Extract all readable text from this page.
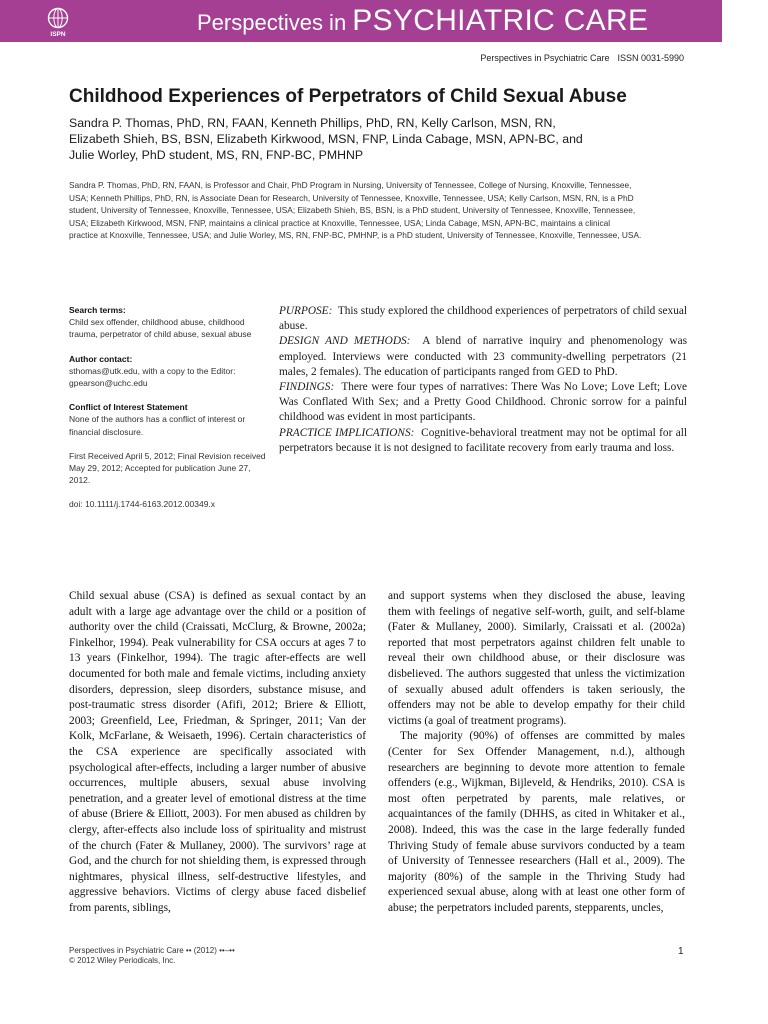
ISPN	Perspectives in PSYCHIATRIC CARE
Perspectives in Psychiatric Care ISSN 0031-5990
Childhood Experiences of Perpetrators of Child Sexual Abuse
Sandra P. Thomas, PhD, RN, FAAN, Kenneth Phillips, PhD, RN, Kelly Carlson, MSN, RN,
Elizabeth Shieh, BS, BSN, Elizabeth Kirkwood, MSN, FNP, Linda Cabage, MSN, APN-BC, and
Julie Worley, PhD student, MS, RN, FNP-BC, PMHNP
Sandra P. Thomas, PhD, RN, FAAN, is Professor and Chair, PhD Program in Nursing, University of Tennessee, College of Nursing, Knoxville, Tennessee,
USA; Kenneth Phillips, PhD, RN, is Associate Dean for Research, University of Tennessee, Knoxville, Tennessee, USA; Kelly Carlson, MSN, RN, is a PhD
student, University of Tennessee, Knoxville, Tennessee, USA; Elizabeth Shieh, BS, BSN, is a PhD student, University of Tennessee, Knoxville, Tennessee,
USA; Elizabeth Kirkwood, MSN, FNP, maintains a clinical practice at Knoxville, Tennessee, USA; Linda Cabage, MSN, APN-BC, maintains a clinical
practice at Knoxville, Tennessee, USA; and Julie Worley, MS, RN, FNP-BC, PMHNP, is a PhD student, University of Tennessee, Knoxville, Tennessee, USA.
Search terms:
Child sex offender, childhood abuse, childhood trauma, perpetrator of child abuse, sexual abuse
Author contact:
sthomas@utk.edu, with a copy to the Editor: gpearson@uchc.edu
Conflict of Interest Statement
None of the authors has a conflict of interest or financial disclosure.
First Received April 5, 2012; Final Revision received May 29, 2012; Accepted for publication June 27, 2012.
doi: 10.1111/j.1744-6163.2012.00349.x

PURPOSE: This study explored the childhood experiences of perpetrators of child sexual abuse.

DESIGN AND METHODS: A blend of narrative inquiry and phenomenology was employed. Interviews were conducted with 23 community-dwelling perpetrators (21 males, 2 females). The education of participants ranged from GED to PhD.

FINDINGS: There were four types of narratives: There Was No Love; Love Left; Love Was Conflated With Sex; and a Pretty Good Childhood. Chronic sorrow for a painful childhood was evident in most participants.

PRACTICE IMPLICATIONS: Cognitive-behavioral treatment may not be optimal for all perpetrators because it is not designed to facilitate recovery from early trauma and loss.

Child sexual abuse (CSA) is defined as sexual contact by an adult with a large age advantage over the child or a position of authority over the child (Craissati, McClurg, & Browne, 2002a; Finkelhor, 1994). Peak vulnerability for CSA occurs at ages 7 to 13 years (Finkelhor, 1994). The tragic after-effects are well documented for both male and female victims, including anxiety disorders, depression, sleep disorders, substance misuse, and post-traumatic stress disorder (Afifi, 2012; Briere & Elliott, 2003; Greenfield, Lee, Friedman, & Springer, 2011; Van der Kolk, McFarlane, & Weisaeth, 1996). Certain characteristics of the CSA experience are specifically associated with psychological after-effects, including a larger number of abusive occurrences, multiple abusers, sexual abuse involving penetration, and a greater level of emotional distress at the time of abuse (Briere & Elliott, 2003). For men abused as children by clergy, after-effects also include loss of spirituality and mistrust of the church (Fater & Mullaney, 2000). The survivors’ rage at God, and the church for not shielding them, is expressed through nightmares, physical illness, self-destructive lifestyles, and aggressive behaviors. Victims of clergy abuse faced disbelief from parents, siblings,

and support systems when they disclosed the abuse, leaving them with feelings of negative self-worth, guilt, and self-blame (Fater & Mullaney, 2000). Similarly, Craissati et al. (2002a) reported that most perpetrators against children felt unable to reveal their own childhood abuse, or their disclosure was disbelieved. The authors suggested that unless the victimization of sexually abused adult offenders is taken seriously, the offenders may not be able to develop empathy for their child victims (a goal of treatment programs).

The majority (90%) of offenses are committed by males (Center for Sex Offender Management, n.d.), although researchers are beginning to devote more attention to female offenders (e.g., Wijkman, Bijleveld, & Hendriks, 2010). CSA is most often perpetrated by parents, male relatives, or acquaintances of the family (DHHS, as cited in Whitaker et al., 2008). Indeed, this was the case in the large federally funded Thriving Study of female abuse survivors conducted by a team of University of Tennessee researchers (Hall et al., 2009). The majority (80%) of the sample in the Thriving Study had experienced sexual abuse, along with at least one other form of abuse; the perpetrators included parents, stepparents, uncles,

Perspectives in Psychiatric Care •• (2012) ••–••
© 2012 Wiley Periodicals, Inc.
1
